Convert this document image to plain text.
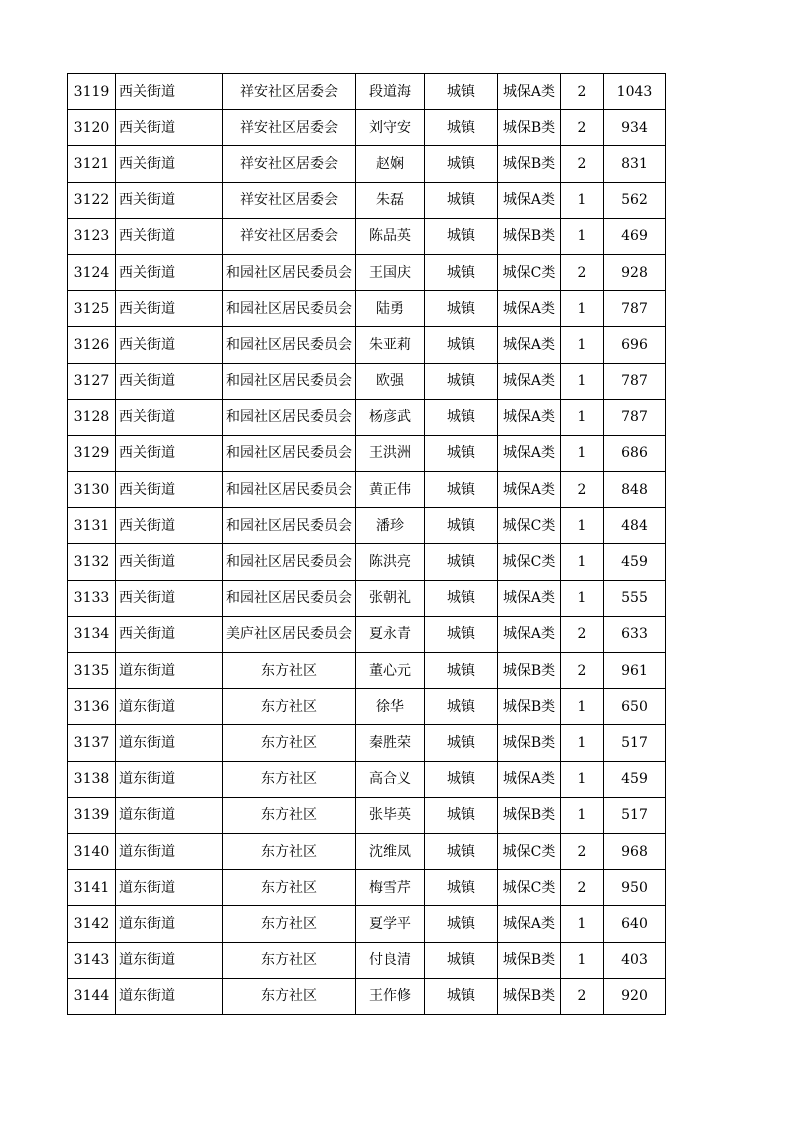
3119	西关街道	祥安社区居委会	段道海	城镇	城保A类	2	1043
3120	西关街道	祥安社区居委会	刘守安	城镇	城保B类	2	934
3121	西关街道	祥安社区居委会	赵娴	城镇	城保B类	2	831
3122	西关街道	祥安社区居委会	朱磊	城镇	城保A类	1	562
3123	西关街道	祥安社区居委会	陈品英	城镇	城保B类	1	469
3124	西关街道	和园社区居民委员会	王国庆	城镇	城保C类	2	928
3125	西关街道	和园社区居民委员会	陆勇	城镇	城保A类	1	787
3126	西关街道	和园社区居民委员会	朱亚莉	城镇	城保A类	1	696
3127	西关街道	和园社区居民委员会	欧强	城镇	城保A类	1	787
3128	西关街道	和园社区居民委员会	杨彦武	城镇	城保A类	1	787
3129	西关街道	和园社区居民委员会	王洪洲	城镇	城保A类	1	686
3130	西关街道	和园社区居民委员会	黄正伟	城镇	城保A类	2	848
3131	西关街道	和园社区居民委员会	潘珍	城镇	城保C类	1	484
3132	西关街道	和园社区居民委员会	陈洪亮	城镇	城保C类	1	459
3133	西关街道	和园社区居民委员会	张朝礼	城镇	城保A类	1	555
3134	西关街道	美庐社区居民委员会	夏永青	城镇	城保A类	2	633
3135	道东街道	东方社区	董心元	城镇	城保B类	2	961
3136	道东街道	东方社区	徐华	城镇	城保B类	1	650
3137	道东街道	东方社区	秦胜荣	城镇	城保B类	1	517
3138	道东街道	东方社区	高合义	城镇	城保A类	1	459
3139	道东街道	东方社区	张毕英	城镇	城保B类	1	517
3140	道东街道	东方社区	沈维凤	城镇	城保C类	2	968
3141	道东街道	东方社区	梅雪芹	城镇	城保C类	2	950
3142	道东街道	东方社区	夏学平	城镇	城保A类	1	640
3143	道东街道	东方社区	付良清	城镇	城保B类	1	403
3144	道东街道	东方社区	王作修	城镇	城保B类	2	920
